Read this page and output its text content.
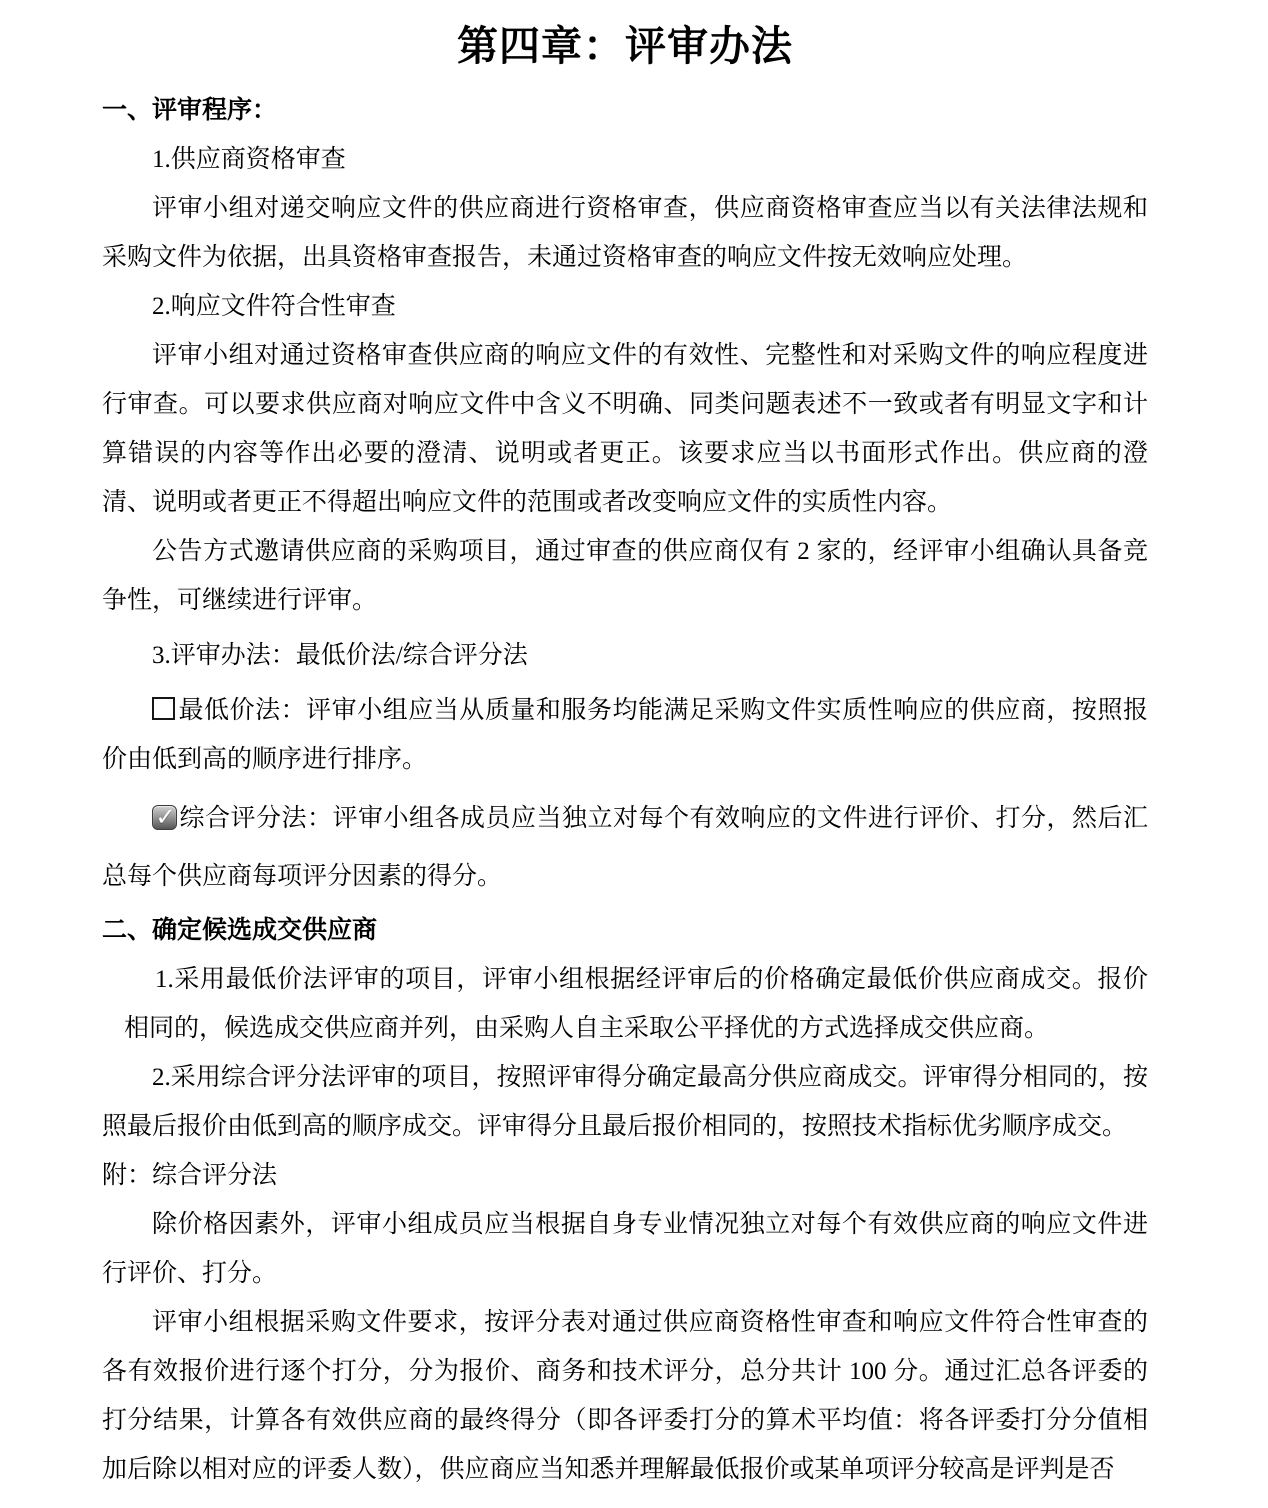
第四章：评审办法

一、评审程序：

1.供应商资格审查

评审小组对递交响应文件的供应商进行资格审查，供应商资格审查应当以有关法律法规和采购文件为依据，出具资格审查报告，未通过资格审查的响应文件按无效响应处理。

2.响应文件符合性审查

评审小组对通过资格审查供应商的响应文件的有效性、完整性和对采购文件的响应程度进行审查。可以要求供应商对响应文件中含义不明确、同类问题表述不一致或者有明显文字和计算错误的内容等作出必要的澄清、说明或者更正。该要求应当以书面形式作出。供应商的澄清、说明或者更正不得超出响应文件的范围或者改变响应文件的实质性内容。

公告方式邀请供应商的采购项目，通过审查的供应商仅有 2 家的，经评审小组确认具备竞争性，可继续进行评审。

3.评审办法：最低价法/综合评分法

最低价法：评审小组应当从质量和服务均能满足采购文件实质性响应的供应商，按照报价由低到高的顺序进行排序。

✓ 综合评分法：评审小组各成员应当独立对每个有效响应的文件进行评价、打分，然后汇总每个供应商每项评分因素的得分。

二、确定候选成交供应商

1.采用最低价法评审的项目，评审小组根据经评审后的价格确定最低价供应商成交。报价相同的，候选成交供应商并列，由采购人自主采取公平择优的方式选择成交供应商。

2.采用综合评分法评审的项目，按照评审得分确定最高分供应商成交。评审得分相同的，按照最后报价由低到高的顺序成交。评审得分且最后报价相同的，按照技术指标优劣顺序成交。

附：综合评分法

除价格因素外，评审小组成员应当根据自身专业情况独立对每个有效供应商的响应文件进行评价、打分。

评审小组根据采购文件要求，按评分表对通过供应商资格性审查和响应文件符合性审查的各有效报价进行逐个打分，分为报价、商务和技术评分，总分共计 100 分。通过汇总各评委的打分结果，计算各有效供应商的最终得分（即各评委打分的算术平均值：将各评委打分分值相加后除以相对应的评委人数），供应商应当知悉并理解最低报价或某单项评分较高是评判是否
